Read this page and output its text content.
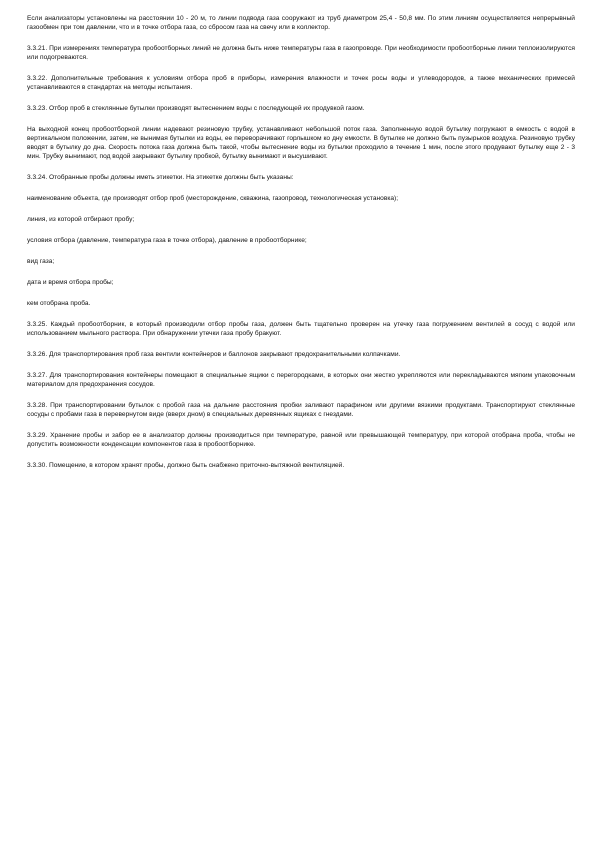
Если анализаторы установлены на расстоянии 10 - 20 м, то линии подвода газа сооружают из труб диаметром 25,4 - 50,8 мм. По этим линиям осуществляется непрерывный газообмен при том давлении, что и в точке отбора газа, со сбросом газа на свечу или в коллектор.

3.3.21. При измерениях температура пробоотборных линий не должна быть ниже температуры газа в газопроводе. При необходимости пробоотборные линии теплоизолируются или подогреваются.

3.3.22. Дополнительные требования к условиям отбора проб в приборы, измерения влажности и точек росы воды и углеводородов, а также механических примесей устанавливаются в стандартах на методы испытания.

3.3.23. Отбор проб в стеклянные бутылки производят вытеснением воды с последующей их продувкой газом.

На выходной конец пробоотборной линии надевают резиновую трубку, устанавливают небольшой поток газа. Заполненную водой бутылку погружают в емкость с водой в вертикальном положении, затем, не вынимая бутылки из воды, ее переворачивают горлышком ко дну емкости. В бутылке не должно быть пузырьков воздуха. Резиновую трубку вводят в бутылку до дна. Скорость потока газа должна быть такой, чтобы вытеснение воды из бутылки проходило в течение 1 мин, после этого продувают бутылку еще 2 - 3 мин. Трубку вынимают, под водой закрывают бутылку пробкой, бутылку вынимают и высушивают.

3.3.24. Отобранные пробы должны иметь этикетки. На этикетке должны быть указаны:

наименование объекта, где производят отбор проб (месторождение, скважина, газопровод, технологическая установка);

линия, из которой отбирают пробу;

условия отбора (давление, температура газа в точке отбора), давление в пробоотборнике;

вид газа;

дата и время отбора пробы;

кем отобрана проба.

3.3.25. Каждый пробоотборник, в который производили отбор пробы газа, должен быть тщательно проверен на утечку газа погружением вентилей в сосуд с водой или использованием мыльного раствора. При обнаружении утечки газа пробу бракуют.

3.3.26. Для транспортирования проб газа вентили контейнеров и баллонов закрывают предохранительными колпачками.

3.3.27. Для транспортирования контейнеры помещают в специальные ящики с перегородками, в которых они жестко укрепляются или перекладываются мягким упаковочным материалом для предохранения сосудов.

3.3.28. При транспортировании бутылок с пробой газа на дальние расстояния пробки заливают парафином или другими вязкими продуктами. Транспортируют стеклянные сосуды с пробами газа в перевернутом виде (вверх дном) в специальных деревянных ящиках с гнездами.

3.3.29. Хранение пробы и забор ее в анализатор должны производиться при температуре, равной или превышающей температуру, при которой отобрана проба, чтобы не допустить возможности конденсации компонентов газа в пробоотборнике.

3.3.30. Помещение, в котором хранят пробы, должно быть снабжено приточно-вытяжной вентиляцией.
